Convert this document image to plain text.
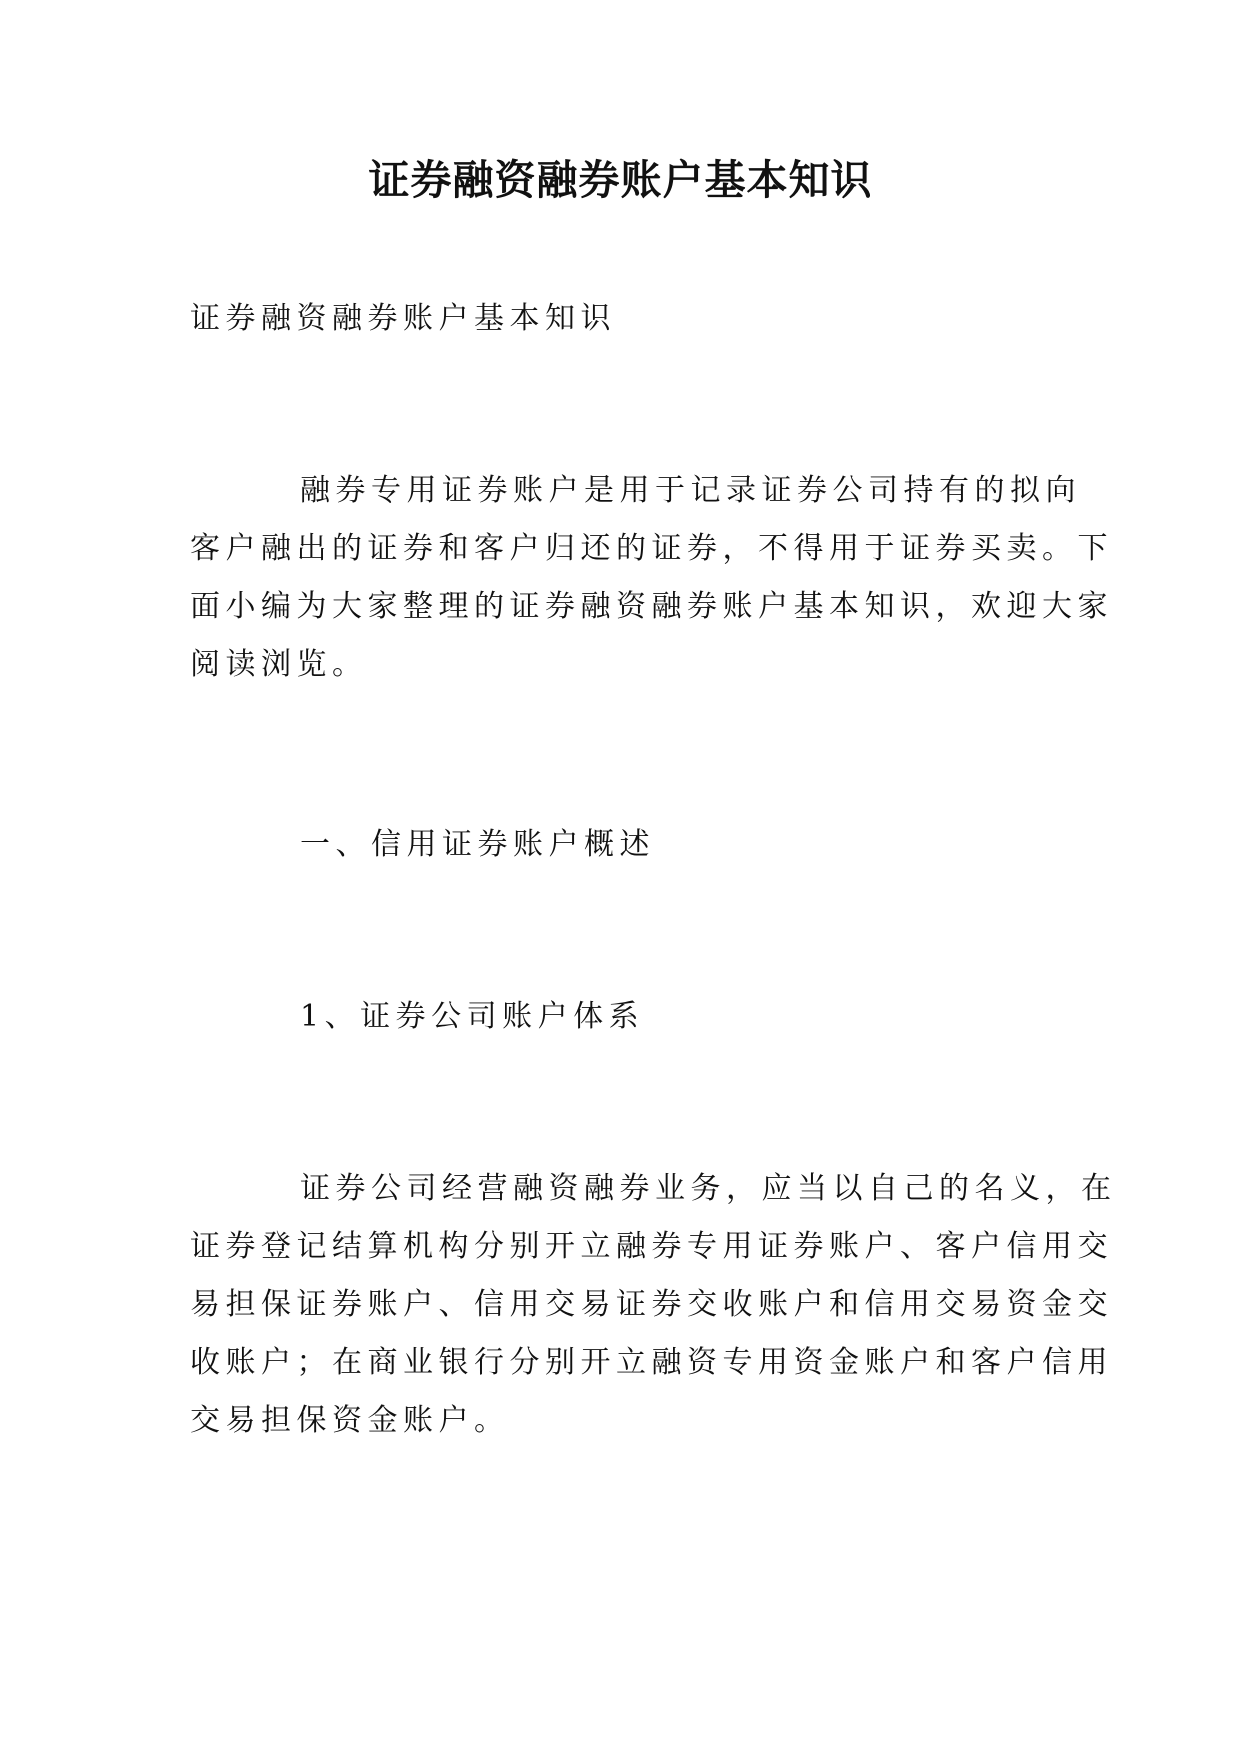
证券融资融券账户基本知识
证券融资融券账户基本知识
融券专用证券账户是用于记录证券公司持有的拟向
客户融出的证券和客户归还的证券，不得用于证券买卖。下
面小编为大家整理的证券融资融券账户基本知识，欢迎大家
阅读浏览。
一、信用证券账户概述
1、证券公司账户体系
证券公司经营融资融券业务，应当以自己的名义，在
证券登记结算机构分别开立融券专用证券账户、客户信用交
易担保证券账户、信用交易证券交收账户和信用交易资金交
收账户；在商业银行分别开立融资专用资金账户和客户信用
交易担保资金账户。
